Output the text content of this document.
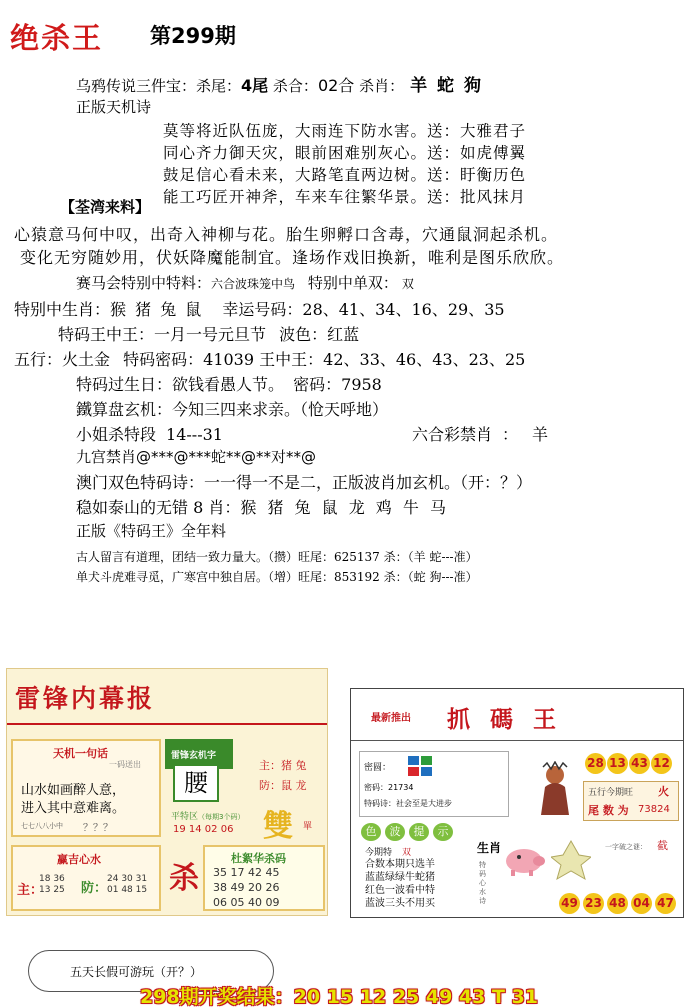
绝杀王 第299期
乌鸦传说三件宝：杀尾：4尾 杀合：02合 杀肖： 羊 蛇 狗
正版天机诗
莫等将近队伍庞，大雨连下防水害。送：大雅君子
同心齐力御天灾，眼前困难别灰心。送：如虎傅翼
鼓足信心看未来，大路笔直两边树。送：盱衡历色
能工巧匠开神斧，车来车往繁华景。送：批风抹月
【荃湾来料】
心猿意马何中叹，出奇入神柳与花。胎生卵孵口含毒，穴通鼠洞起杀机。
变化无穷随妙用，伏妖降魔能制宜。逢场作戏旧换新，唯利是图乐欣欣。
赛马会特别中特料：六合波珠笼中鸟 特别中单双： 双
特别中生肖：猴 猪 兔 鼠 幸运号码：28、41、34、16、29、35
特码王中王：一月一号元旦节 波色：红蓝
五行：火土金 特码密码：41039 王中王：42、33、46、43、23、25
特码过生日：欲钱看愚人节。 密码：7958
鐵算盘玄机：今知三四来求亲。（怆天呼地）
小姐杀特段 14---31	六合彩禁肖 ： 羊
九宫禁肖@***@***蛇**@**对**@
澳门双色特码诗：一一得一不是二，正版波肖加玄机。（开：？）
稳如泰山的无错 8 肖：猴 猪 兔 鼠 龙 鸡 牛 马
正版《特码王》全年料
古人留言有道理，团结一致力量大。（攒）旺尾：625137 杀：（羊 蛇---准）
单犬斗虎难寻觅，广寒宫中独自居。（增）旺尾：853192 杀：（蛇 狗---准）
雷锋内幕报
天机一句话
一码送出
山水如画醉人意，
进入其中意难离。
七七八八小中 ？？？
雷锋玄机字
腰
主：猪 兔
防：鼠 龙
平特区（每期3个码）
19 14 02 06 雙 單
赢吉心水
主：
18 36
13 25 防：
24 30 31
01 48 15 杀
杜絮华杀码
35 17 42 45
38 49 20 26
06 05 40 09
最新推出 抓 碼 王
28 13 43 12
密圆：
密码：21734
特码诗：社会至是大进步
五行今期旺 火
尾 数 为 73824
色	波	提	示
今期特 双	生肖
合数本期只选羊
蓝蓝绿绿牛蛇猪
红色一波看中特
蓝波三头不用买
特码心水诗
一字破之谜： 截
49 23 48 04 47
五天长假可游玩（开？）
298期开奖结果：20 15 12 25 49 43 T 31
